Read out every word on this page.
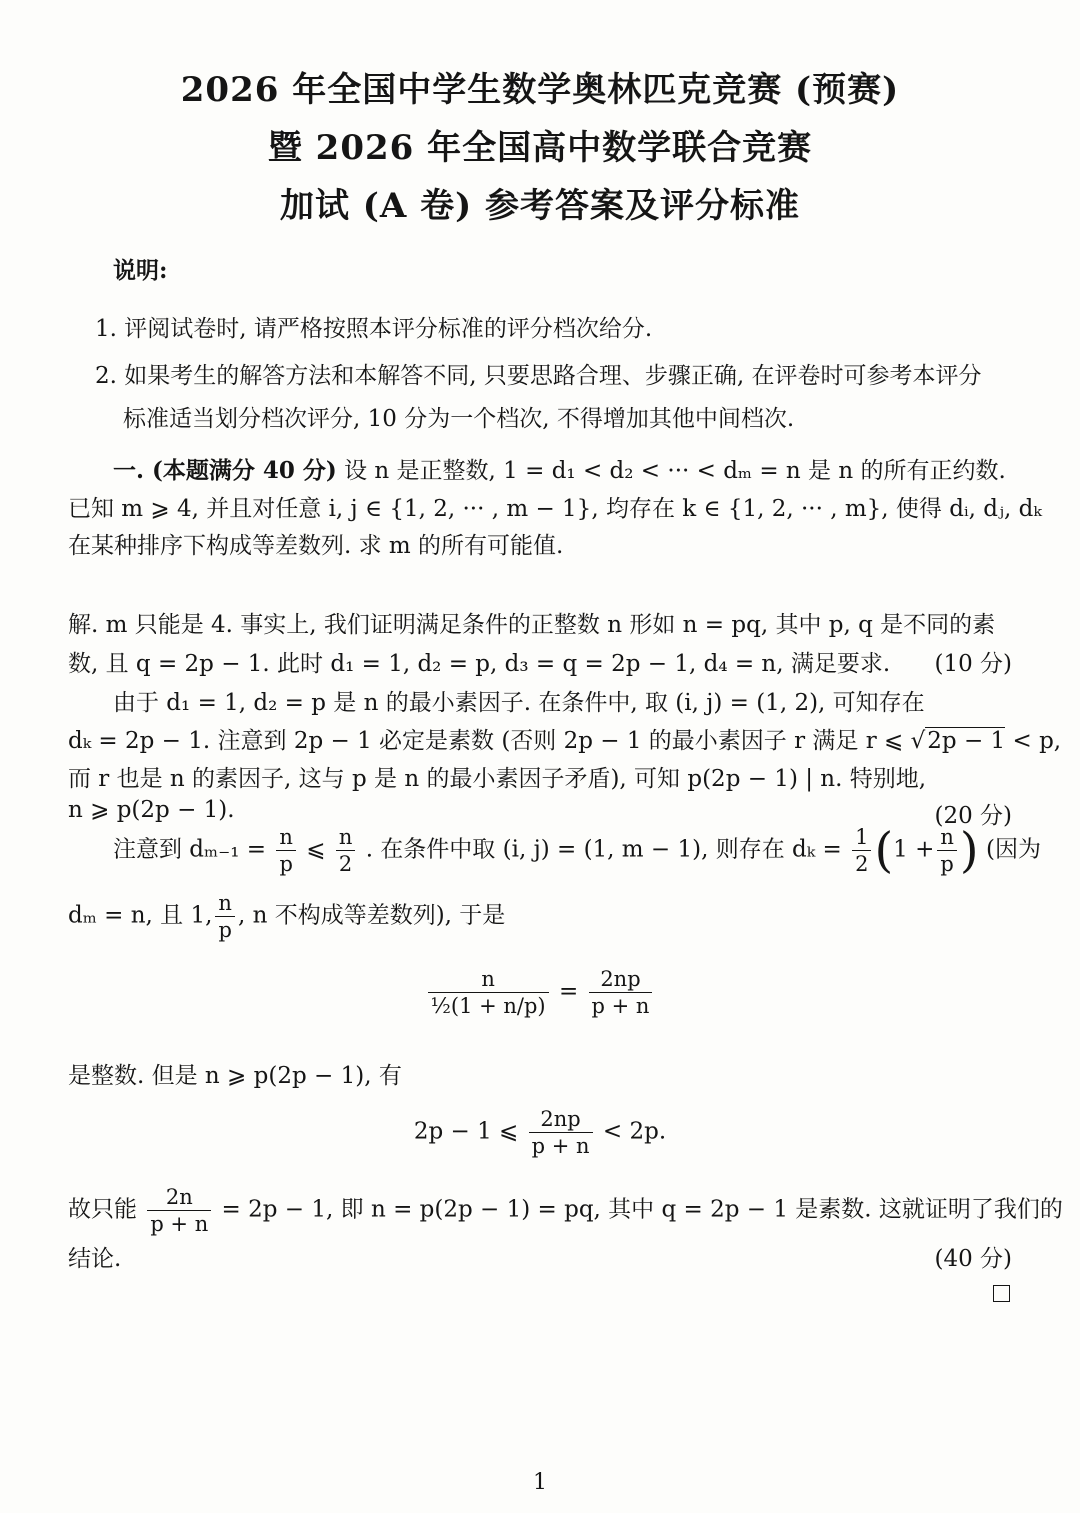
2026 年全国中学生数学奥林匹克竞赛 (预赛)
暨 2026 年全国高中数学联合竞赛
加试 (A 卷) 参考答案及评分标准
说明:
1. 评阅试卷时, 请严格按照本评分标准的评分档次给分.
2. 如果考生的解答方法和本解答不同, 只要思路合理、步骤正确, 在评卷时可参考本评分
标准适当划分档次评分, 10 分为一个档次, 不得增加其他中间档次.
一. (本题满分 40 分) 设 n 是正整数, 1 = d₁ < d₂ < ··· < dₘ = n 是 n 的所有正约数.
已知 m ⩾ 4, 并且对任意 i, j ∈ {1, 2, ··· , m − 1}, 均存在 k ∈ {1, 2, ··· , m}, 使得 dᵢ, dⱼ, dₖ
在某种排序下构成等差数列. 求 m 的所有可能值.
解. m 只能是 4. 事实上, 我们证明满足条件的正整数 n 形如 n = pq, 其中 p, q 是不同的素
数, 且 q = 2p − 1. 此时 d₁ = 1, d₂ = p, d₃ = q = 2p − 1, d₄ = n, 满足要求. (10 分)
由于 d₁ = 1, d₂ = p 是 n 的最小素因子. 在条件中, 取 (i, j) = (1, 2), 可知存在
dₖ = 2p − 1. 注意到 2p − 1 必定是素数 (否则 2p − 1 的最小素因子 r 满足 r ⩽ √2p − 1 < p,
而 r 也是 n 的素因子, 这与 p 是 n 的最小素因子矛盾), 可知 p(2p − 1) | n. 特别地,
n ⩾ p(2p − 1).	(20 分)
注意到 $d_{m-1} = \frac{n}{p}$ ⩽ $\frac{n}{2}$ . 在条件中取 (i, j) = (1, m − 1), 则存在 $d_k = \frac{1}{2} (1 + \frac{n}{p}$ ) (因为
dₘ = n, 且 1, $\frac{n}{p}$ , n 不构成等差数列), 于是
$\frac{n}{\text{½(1 + n/p)}} = \frac{2np}{p + n}$
是整数. 但是 n ⩾ p(2p − 1), 有
2p − 1 ⩽ $\frac{2np}{p + n} < 2p$.
故只能 $\frac{2n}{p + n} = 2p - 1$, 即 n = p(2p − 1) = pq, 其中 q = 2p − 1 是素数. 这就证明了我们的
结论.	(40 分)
1
